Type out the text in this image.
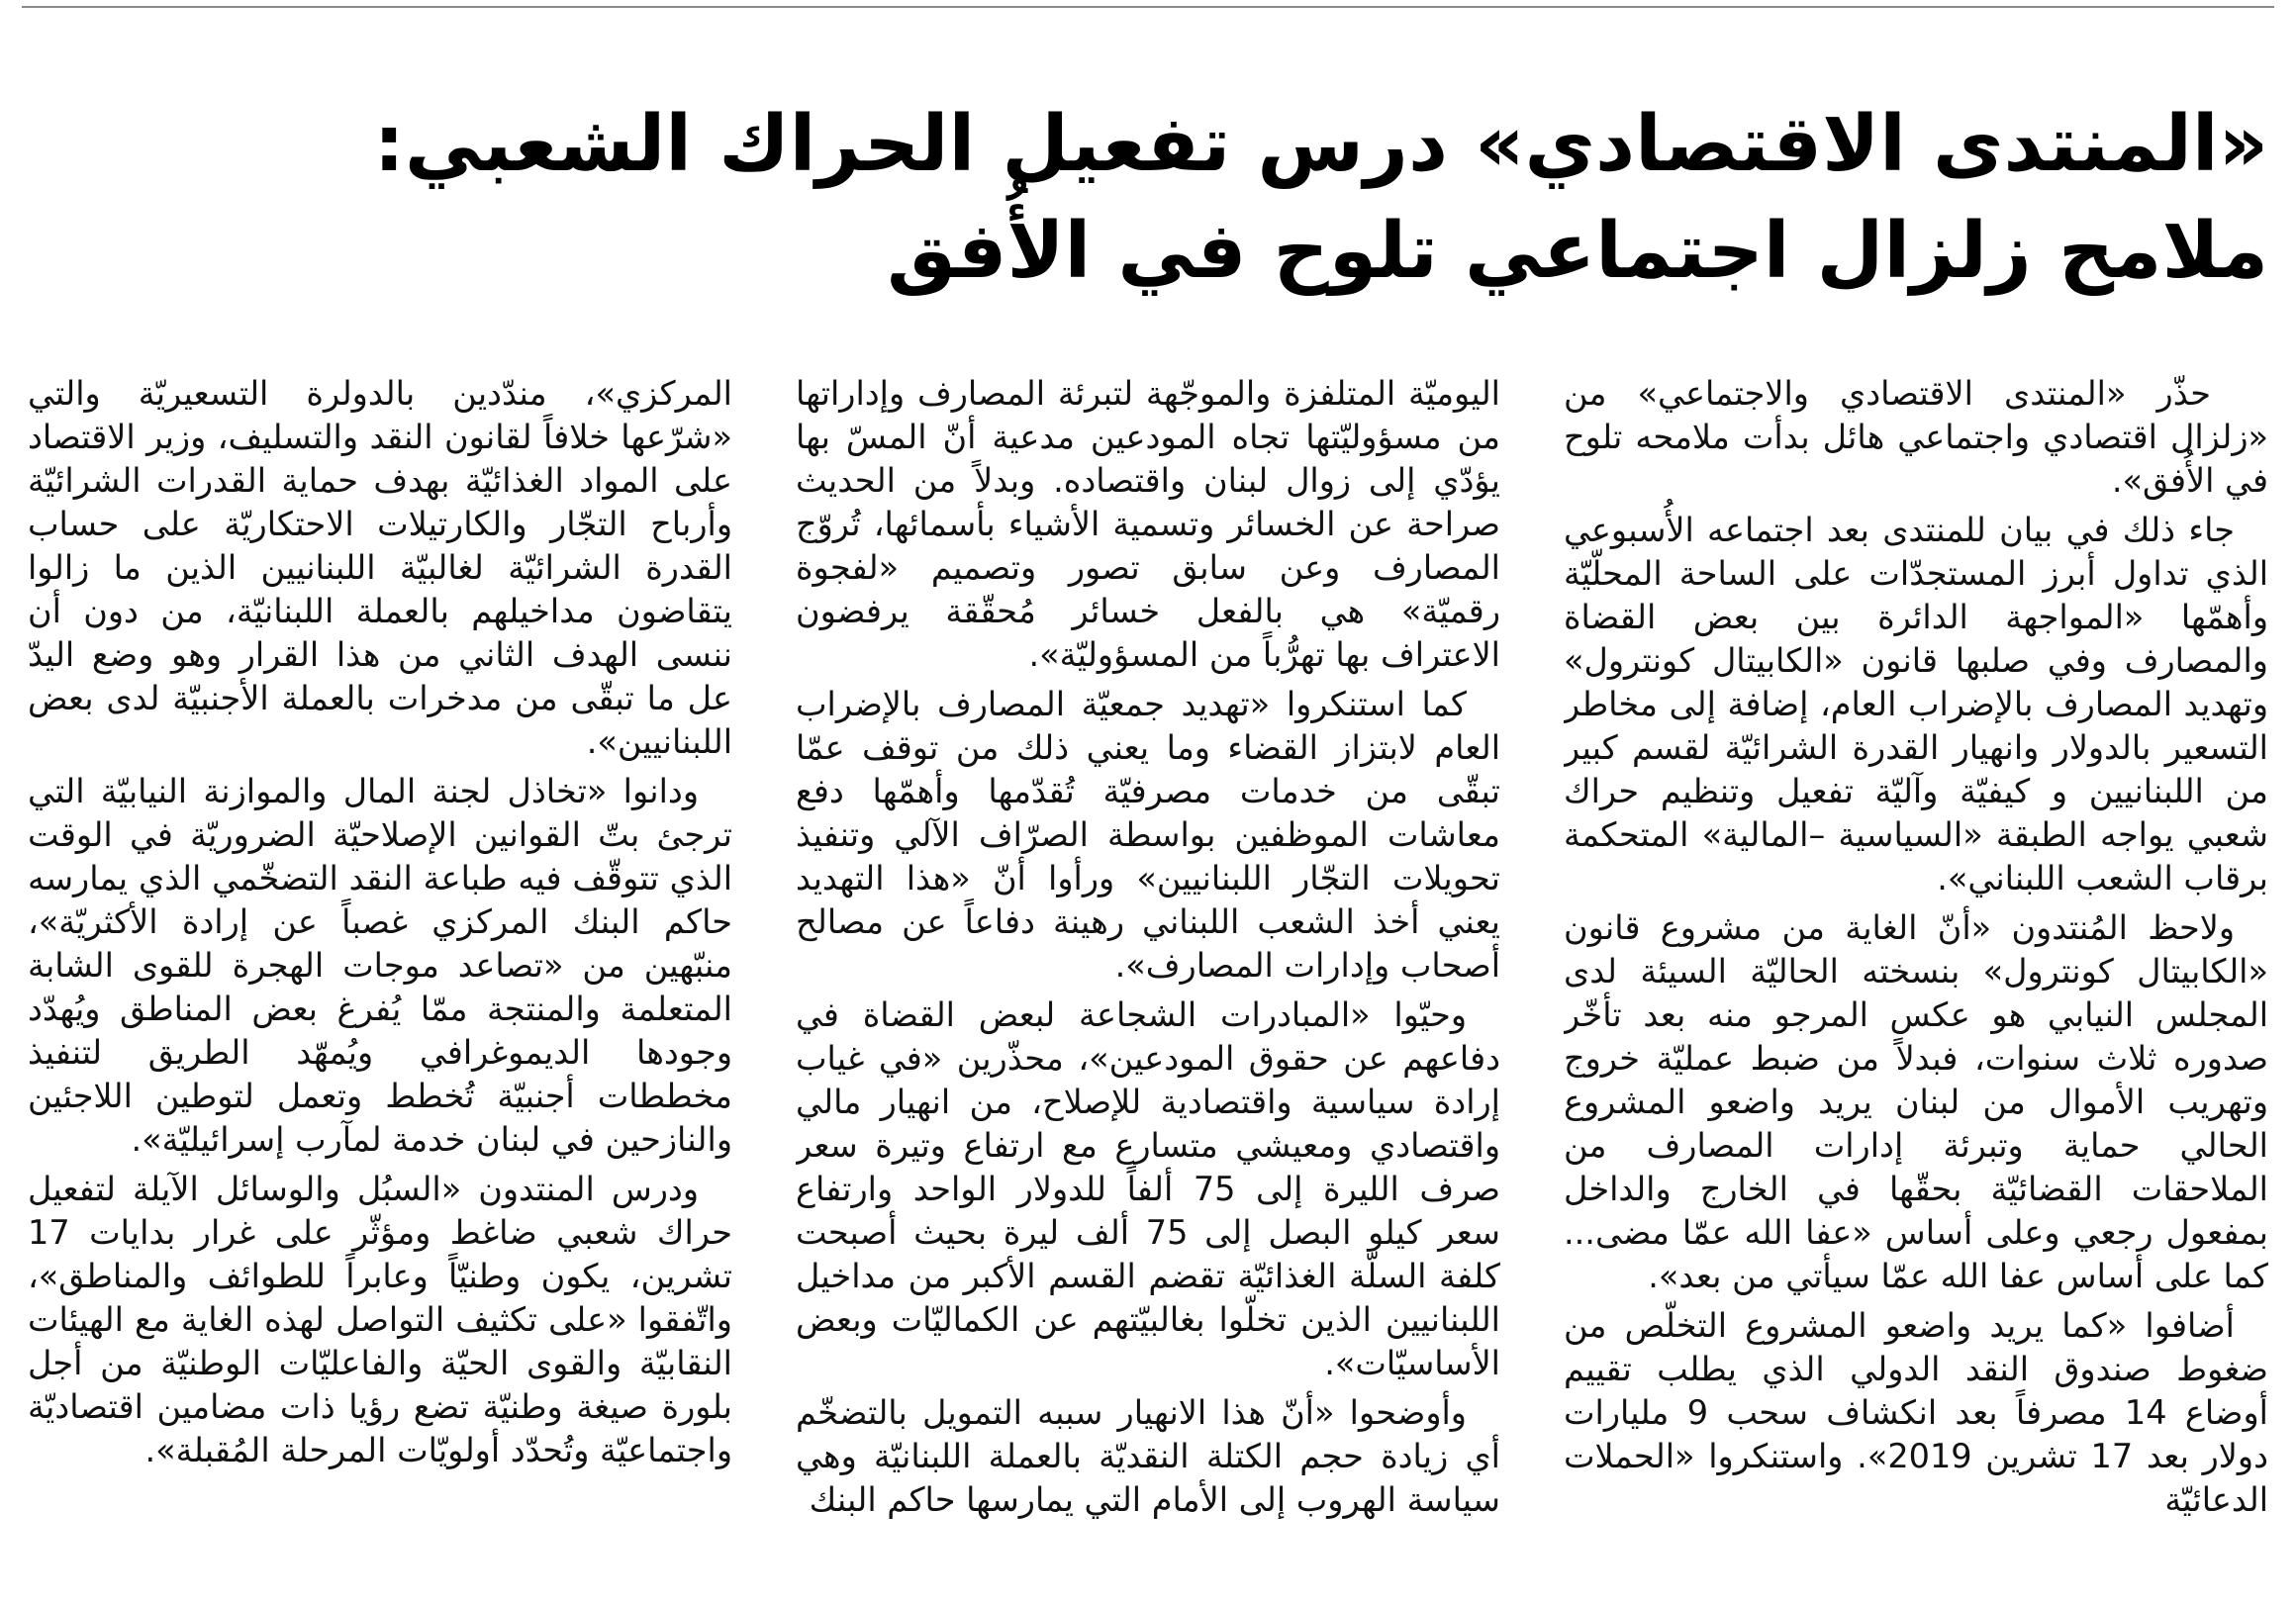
«المنتدى الاقتصادي» درس تفعيل الحراك الشعبي:
ملامح زلزال اجتماعي تلوح في الأُفق

حذّر «المنتدى الاقتصادي والاجتماعي» من «زلزال اقتصادي واجتماعي هائل بدأت ملامحه تلوح في الأُفق».

جاء ذلك في بيان للمنتدى بعد اجتماعه الأُسبوعي الذي تداول أبرز المستجدّات على الساحة المحلّيّة وأهمّها «المواجهة الدائرة بين بعض القضاة والمصارف وفي صلبها قانون «الكابيتال كونترول» وتهديد المصارف بالإضراب العام، إضافة إلى مخاطر التسعير بالدولار وانهيار القدرة الشرائيّة لقسم كبير من اللبنانيين و كيفيّة وآليّة تفعيل وتنظيم حراك شعبي يواجه الطبقة «السياسية –المالية» المتحكمة برقاب الشعب اللبناني».

ولاحظ المُنتدون «أنّ الغاية من مشروع قانون «الكابيتال كونترول» بنسخته الحاليّة السيئة لدى المجلس النيابي هو عكس المرجو منه بعد تأخّر صدوره ثلاث سنوات، فبدلاً من ضبط عمليّة خروج وتهريب الأموال من لبنان يريد واضعو المشروع الحالي حماية وتبرئة إدارات المصارف من الملاحقات القضائيّة بحقّها في الخارج والداخل بمفعول رجعي وعلى أساس «عفا الله عمّا مضى... كما على أساس عفا الله عمّا سيأتي من بعد».

أضافوا «كما يريد واضعو المشروع التخلّص من ضغوط صندوق النقد الدولي الذي يطلب تقييم أوضاع 14 مصرفاً بعد انكشاف سحب 9 مليارات دولار بعد 17 تشرين 2019». واستنكروا «الحملات الدعائيّة

اليوميّة المتلفزة والموجّهة لتبرئة المصارف وإداراتها من مسؤوليّتها تجاه المودعين مدعية أنّ المسّ بها يؤدّي إلى زوال لبنان واقتصاده. وبدلاً من الحديث صراحة عن الخسائر وتسمية الأشياء بأسمائها، تُروّج المصارف وعن سابق تصور وتصميم «لفجوة رقميّة» هي بالفعل خسائر مُحقّقة يرفضون الاعتراف بها تهرُّباً من المسؤوليّة».

كما استنكروا «تهديد جمعيّة المصارف بالإضراب العام لابتزاز القضاء وما يعني ذلك من توقف عمّا تبقّى من خدمات مصرفيّة تُقدّمها وأهمّها دفع معاشات الموظفين بواسطة الصرّاف الآلي وتنفيذ تحويلات التجّار اللبنانيين» ورأوا أنّ «هذا التهديد يعني أخذ الشعب اللبناني رهينة دفاعاً عن مصالح أصحاب وإدارات المصارف».

وحيّوا «المبادرات الشجاعة لبعض القضاة في دفاعهم عن حقوق المودعين»، محذّرين «في غياب إرادة سياسية واقتصادية للإصلاح، من انهيار مالي واقتصادي ومعيشي متسارع مع ارتفاع وتيرة سعر صرف الليرة إلى 75 ألفاً للدولار الواحد وارتفاع سعر كيلو البصل إلى 75 ألف ليرة بحيث أصبحت كلفة السلّة الغذائيّة تقضم القسم الأكبر من مداخيل اللبنانيين الذين تخلّوا بغالبيّتهم عن الكماليّات وبعض الأساسيّات».

وأوضحوا «أنّ هذا الانهيار سببه التمويل بالتضخّم أي زيادة حجم الكتلة النقديّة بالعملة اللبنانيّة وهي سياسة الهروب إلى الأمام التي يمارسها حاكم البنك

المركزي»، مندّدين بالدولرة التسعيريّة والتي «شرّعها خلافاً لقانون النقد والتسليف، وزير الاقتصاد على المواد الغذائيّة بهدف حماية القدرات الشرائيّة وأرباح التجّار والكارتيلات الاحتكاريّة على حساب القدرة الشرائيّة لغالبيّة اللبنانيين الذين ما زالوا يتقاضون مداخيلهم بالعملة اللبنانيّة، من دون أن ننسى الهدف الثاني من هذا القرار وهو وضع اليدّ عل ما تبقّى من مدخرات بالعملة الأجنبيّة لدى بعض اللبنانيين».

ودانوا «تخاذل لجنة المال والموازنة النيابيّة التي ترجئ بتّ القوانين الإصلاحيّة الضروريّة في الوقت الذي تتوقّف فيه طباعة النقد التضخّمي الذي يمارسه حاكم البنك المركزي غصباً عن إرادة الأكثريّة»، منبّهين من «تصاعد موجات الهجرة للقوى الشابة المتعلمة والمنتجة ممّا يُفرغ بعض المناطق ويُهدّد وجودها الديموغرافي ويُمهّد الطريق لتنفيذ مخططات أجنبيّة تُخطط وتعمل لتوطين اللاجئين والنازحين في لبنان خدمة لمآرب إسرائيليّة».

ودرس المنتدون «السبُل والوسائل الآيلة لتفعيل حراك شعبي ضاغط ومؤثّر على غرار بدايات 17 تشرين، يكون وطنيّاً وعابراً للطوائف والمناطق»، واتّفقوا «على تكثيف التواصل لهذه الغاية مع الهيئات النقابيّة والقوى الحيّة والفاعليّات الوطنيّة من أجل بلورة صيغة وطنيّة تضع رؤيا ذات مضامين اقتصاديّة واجتماعيّة وتُحدّد أولويّات المرحلة المُقبلة».
